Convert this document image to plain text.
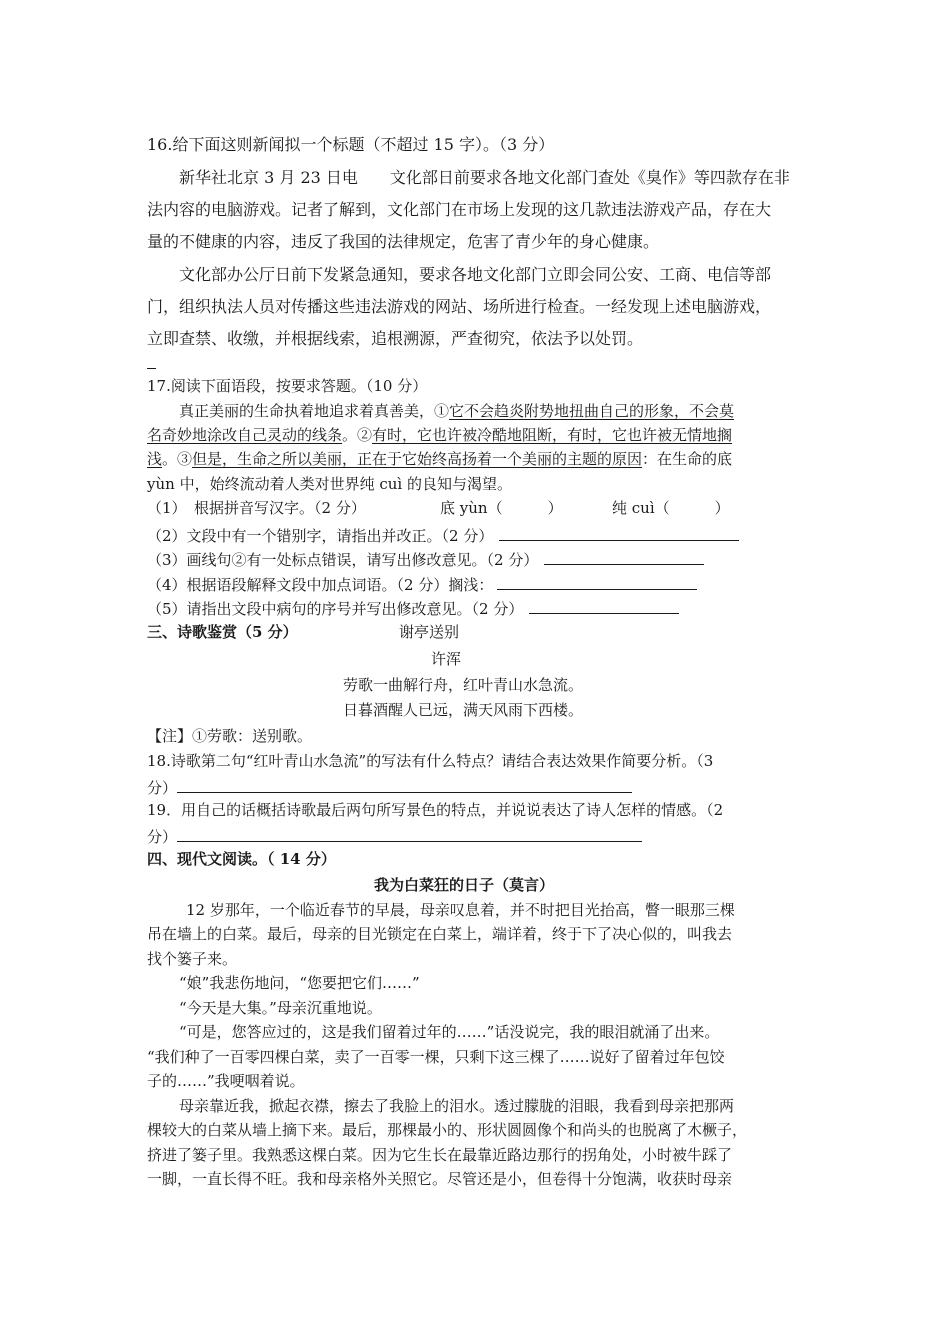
16.给下面这则新闻拟一个标题（不超过 15 字）。（3 分）
新华社北京 3 月 23 日电　　文化部日前要求各地文化部门查处《臭作》等四款存在非
法内容的电脑游戏。记者了解到，文化部门在市场上发现的这几款违法游戏产品，存在大
量的不健康的内容，违反了我国的法律规定，危害了青少年的身心健康。
文化部办公厅日前下发紧急通知，要求各地文化部门立即会同公安、工商、电信等部
门，组织执法人员对传播这些违法游戏的网站、场所进行检查。一经发现上述电脑游戏，
立即查禁、收缴，并根据线索，追根溯源，严查彻究，依法予以处罚。
17.阅读下面语段，按要求答题。（10 分）
真正美丽的生命执着地追求着真善美，①它不会趋炎附势地扭曲自己的形象，不会莫
名奇妙地涂改自己灵动的线条。②有时，它也许被冷酷地阻断，有时，它也许被无情地搁
浅。③但是，生命之所以美丽，正在于它始终高扬着一个美丽的主题的原因：在生命的底
yùn 中，始终流动着人类对世界纯 cuì 的良知与渴望。
（1）　根据拼音写汉字。（2 分）	底 yùn（　　　）	纯 cuì（　　　）
（2）文段中有一个错别字，请指出并改正。（2 分）
（3）画线句②有一处标点错误，请写出修改意见。（2 分）
（4）根据语段解释文段中加点词语。（2 分）搁浅：
（5）请指出文段中病句的序号并写出修改意见。（2 分）
三、诗歌鉴赏（5 分）	谢亭送别
许浑
劳歌一曲解行舟，红叶青山水急流。
日暮酒醒人已远，满天风雨下西楼。
【注】①劳歌：送别歌。
18.诗歌第二句“红叶青山水急流”的写法有什么特点？请结合表达效果作简要分析。（3
分）
19．用自己的话概括诗歌最后两句所写景色的特点，并说说表达了诗人怎样的情感。（2
分）
四、现代文阅读。（ 14 分）
我为白菜狂的日子（莫言）
12 岁那年，一个临近春节的早晨，母亲叹息着，并不时把目光抬高，瞥一眼那三棵
吊在墙上的白菜。最后，母亲的目光锁定在白菜上，端详着，终于下了决心似的，叫我去
找个篓子来。
“娘”我悲伤地问，“您要把它们……”
“今天是大集。”母亲沉重地说。
“可是，您答应过的，这是我们留着过年的……”话没说完，我的眼泪就涌了出来。
“我们种了一百零四棵白菜，卖了一百零一棵，只剩下这三棵了……说好了留着过年包饺
子的……”我哽咽着说。
母亲靠近我，掀起衣襟，擦去了我脸上的泪水。透过朦胧的泪眼，我看到母亲把那两
棵较大的白菜从墙上摘下来。最后，那棵最小的、形状圆圆像个和尚头的也脱离了木橛子，
挤进了篓子里。我熟悉这棵白菜。因为它生长在最靠近路边那行的拐角处，小时被牛踩了
一脚，一直长得不旺。我和母亲格外关照它。尽管还是小，但卷得十分饱满，收获时母亲
